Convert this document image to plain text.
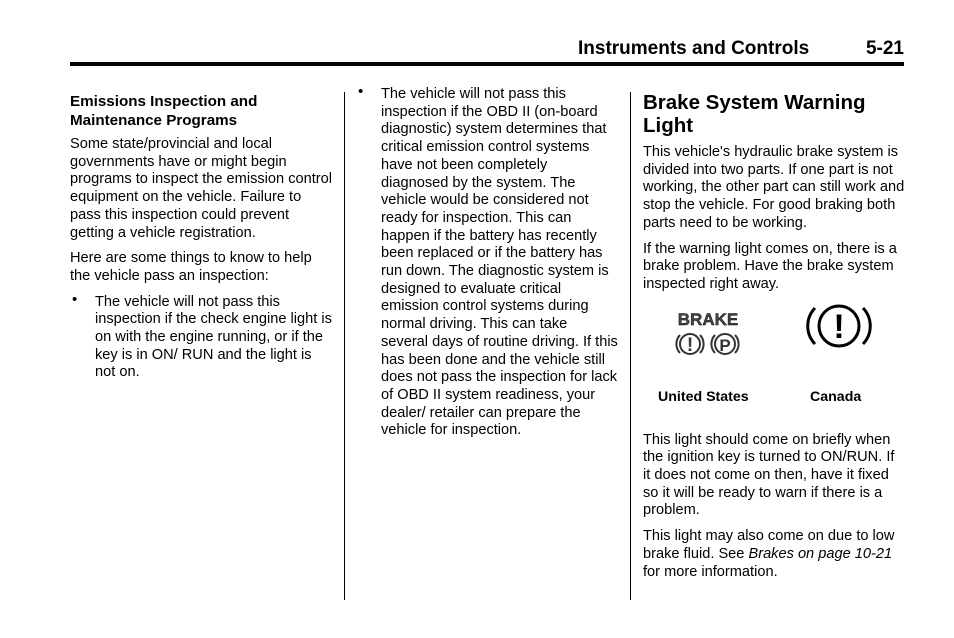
Instruments and Controls	5-21
Emissions Inspection and Maintenance Programs

Some state/provincial and local governments have or might begin programs to inspect the emission control equipment on the vehicle. Failure to pass this inspection could prevent getting a vehicle registration.

Here are some things to know to help the vehicle pass an inspection:

• The vehicle will not pass this inspection if the check engine light is on with the engine running, or if the key is in ON/ RUN and the light is not on.
• The vehicle will not pass this inspection if the OBD II (on-board diagnostic) system determines that critical emission control systems have not been completely diagnosed by the system. The vehicle would be considered not ready for inspection. This can happen if the battery has recently been replaced or if the battery has run down. The diagnostic system is designed to evaluate critical emission control systems during normal driving. This can take several days of routine driving. If this has been done and the vehicle still does not pass the inspection for lack of OBD II system readiness, your dealer/ retailer can prepare the vehicle for inspection.
Brake System Warning Light

This vehicle's hydraulic brake system is divided into two parts. If one part is not working, the other part can still work and stop the vehicle. For good braking both parts need to be working.

If the warning light comes on, there is a brake problem. Have the brake system inspected right away.

BRAKE
! P	!
United States	Canada

This light should come on briefly when the ignition key is turned to ON/RUN. If it does not come on then, have it fixed so it will be ready to warn if there is a problem.

This light may also come on due to low brake fluid. See Brakes on page 10-21 for more information.
